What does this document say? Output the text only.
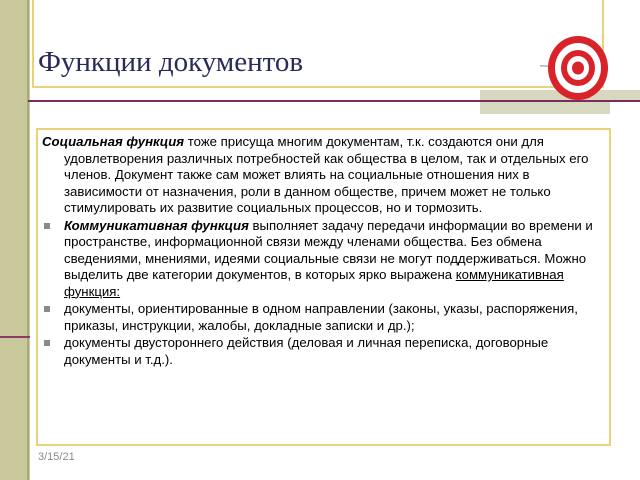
Функции документов

Социальная функция тоже присуща многим документам, т.к. создаются они для удовлетворения различных потребностей как общества в целом, так и отдельных его членов. Документ также сам может влиять на социальные отношения них в зависимости от назначения, роли в данном обществе, причем может не только стимулировать их развитие социальных процессов, но и тормозить.

Коммуникативная функция выполняет задачу передачи информации во времени и пространстве, информационной связи между членами общества. Без обмена сведениями, мнениями, идеями социальные связи не могут поддерживаться. Можно выделить две категории документов, в которых ярко выражена коммуникативная функция:
документы, ориентированные в одном направлении (законы, указы, распоряжения, приказы, инструкции, жалобы, докладные записки и др.);
документы двустороннего действия (деловая и личная переписка, договорные документы и т.д.).
3/15/21
